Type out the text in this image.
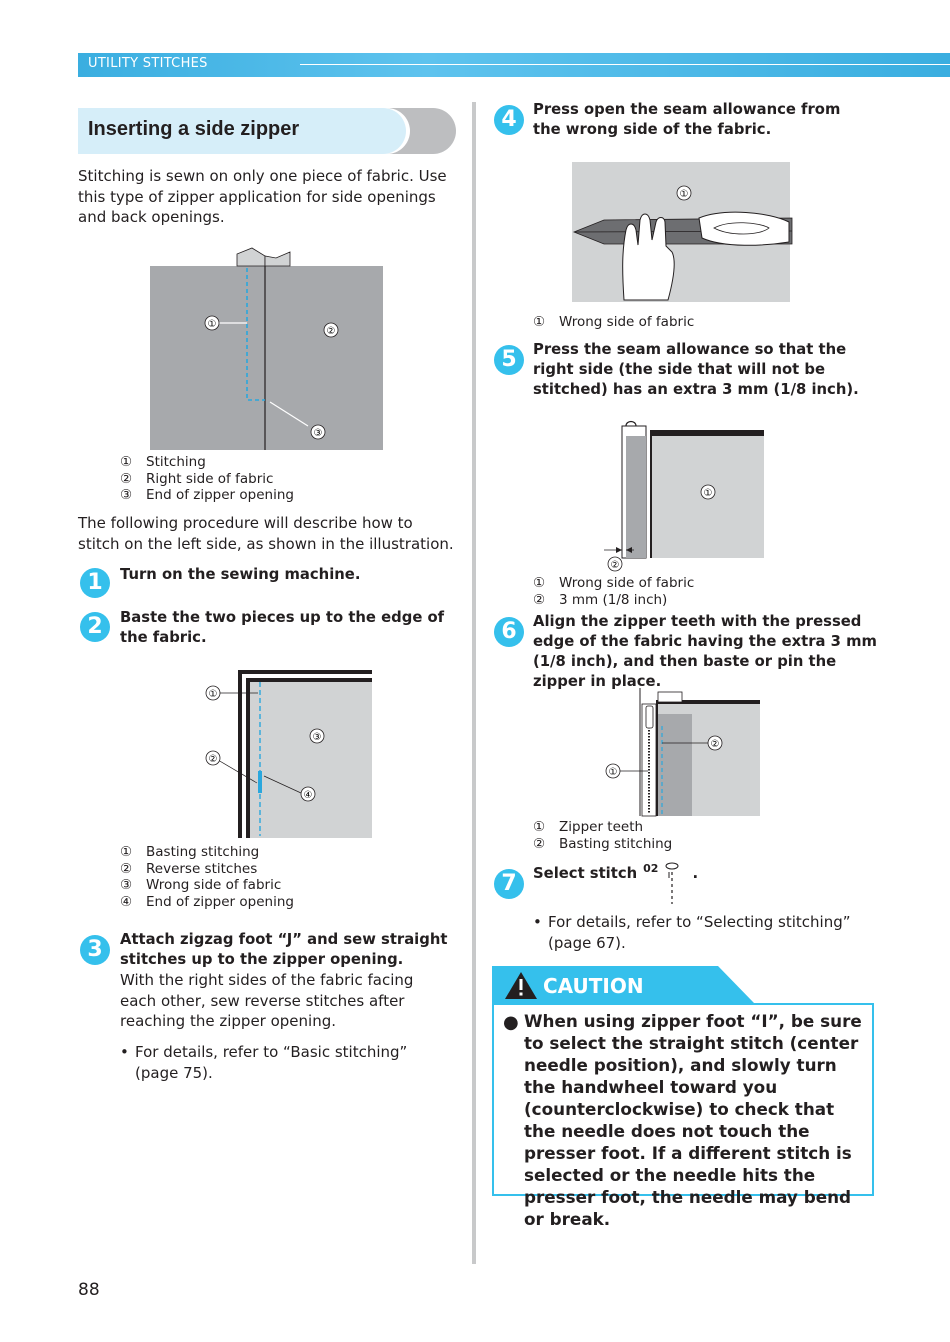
UTILITY STITCHES
Inserting a side zipper

Stitching is sewn on only one piece of fabric. Use this type of zipper application for side openings and back openings.

①
②
③
①	Stitching
②	Right side of fabric
③	End of zipper opening

The following procedure will describe how to stitch on the left side, as shown in the illustration.

1	Turn on the sewing machine.

2	Baste the two pieces up to the edge of the fabric.

①
②
③
④
①	Basting stitching
②	Reverse stitches
③	Wrong side of fabric
④	End of zipper opening
3	Attach zigzag foot “J” and sew straight stitches up to the zipper opening.

With the right sides of the fabric facing each other, sew reverse stitches after reaching the zipper opening.

• For details, refer to “Basic stitching” (page 75).
4	Press open the seam allowance from the wrong side of the fabric.

①
①	Wrong side of fabric
5	Press the seam allowance so that the right side (the side that will not be stitched) has an extra 3 mm (1/8 inch).

①
②
①	Wrong side of fabric
②	3 mm (1/8 inch)
6	Align the zipper teeth with the pressed edge of the fabric having the extra 3 mm (1/8 inch), and then baste or pin the zipper in place.

①
②
①	Zipper teeth
②	Basting stitching
7	Select stitch $^{02}$ .
• For details, refer to “Selecting stitching” (page 67).
CAUTION
● When using zipper foot “I”, be sure to select the straight stitch (center needle position), and slowly turn the handwheel toward you (counterclockwise) to check that the needle does not touch the presser foot. If a different stitch is selected or the needle hits the presser foot, the needle may bend or break.

88
